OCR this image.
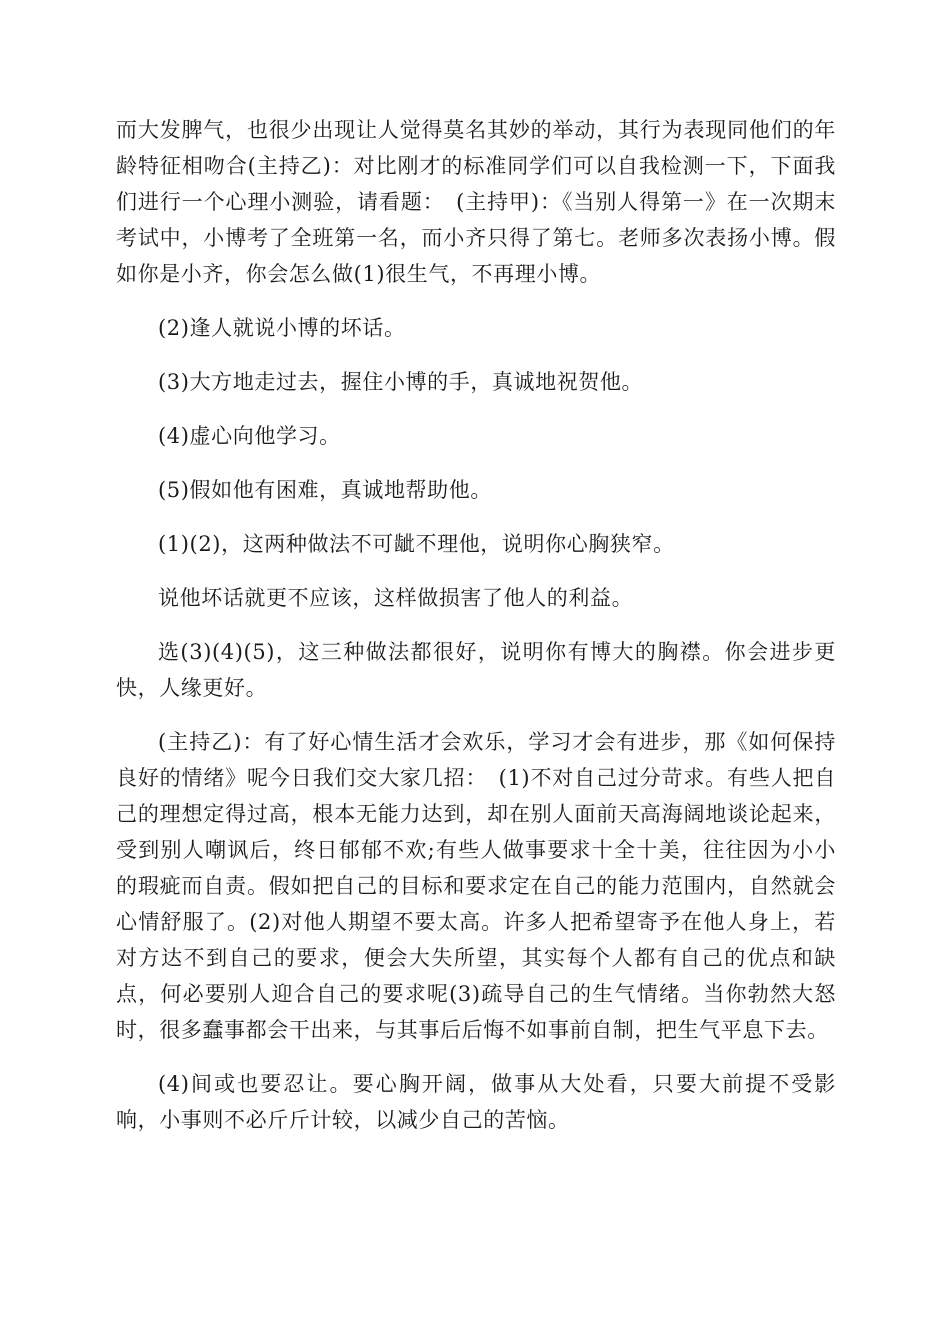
而大发脾气，也很少出现让人觉得莫名其妙的举动，其行为表现同他们的年龄特征相吻合(主持乙)：对比刚才的标准同学们可以自我检测一下，下面我们进行一个心理小测验，请看题：　(主持甲)：《当别人得第一》在一次期末考试中，小博考了全班第一名，而小齐只得了第七。老师多次表扬小博。假如你是小齐，你会怎么做(1)很生气，不再理小博。

(2)逢人就说小博的坏话。

(3)大方地走过去，握住小博的手，真诚地祝贺他。

(4)虚心向他学习。

(5)假如他有困难，真诚地帮助他。

(1)(2)，这两种做法不可龇不理他，说明你心胸狭窄。

说他坏话就更不应该，这样做损害了他人的利益。

选(3)(4)(5)，这三种做法都很好，说明你有博大的胸襟。你会进步更快，人缘更好。

(主持乙)：有了好心情生活才会欢乐，学习才会有进步，那《如何保持良好的情绪》呢今日我们交大家几招：　(1)不对自己过分苛求。有些人把自己的理想定得过高，根本无能力达到，却在别人面前天高海阔地谈论起来，受到别人嘲讽后，终日郁郁不欢;有些人做事要求十全十美，往往因为小小的瑕疵而自责。假如把自己的目标和要求定在自己的能力范围内，自然就会心情舒服了。(2)对他人期望不要太高。许多人把希望寄予在他人身上，若对方达不到自己的要求，便会大失所望，其实每个人都有自己的优点和缺点，何必要别人迎合自己的要求呢(3)疏导自己的生气情绪。当你勃然大怒时，很多蠢事都会干出来，与其事后后悔不如事前自制，把生气平息下去。

(4)间或也要忍让。要心胸开阔，做事从大处看，只要大前提不受影响，小事则不必斤斤计较，以减少自己的苦恼。
